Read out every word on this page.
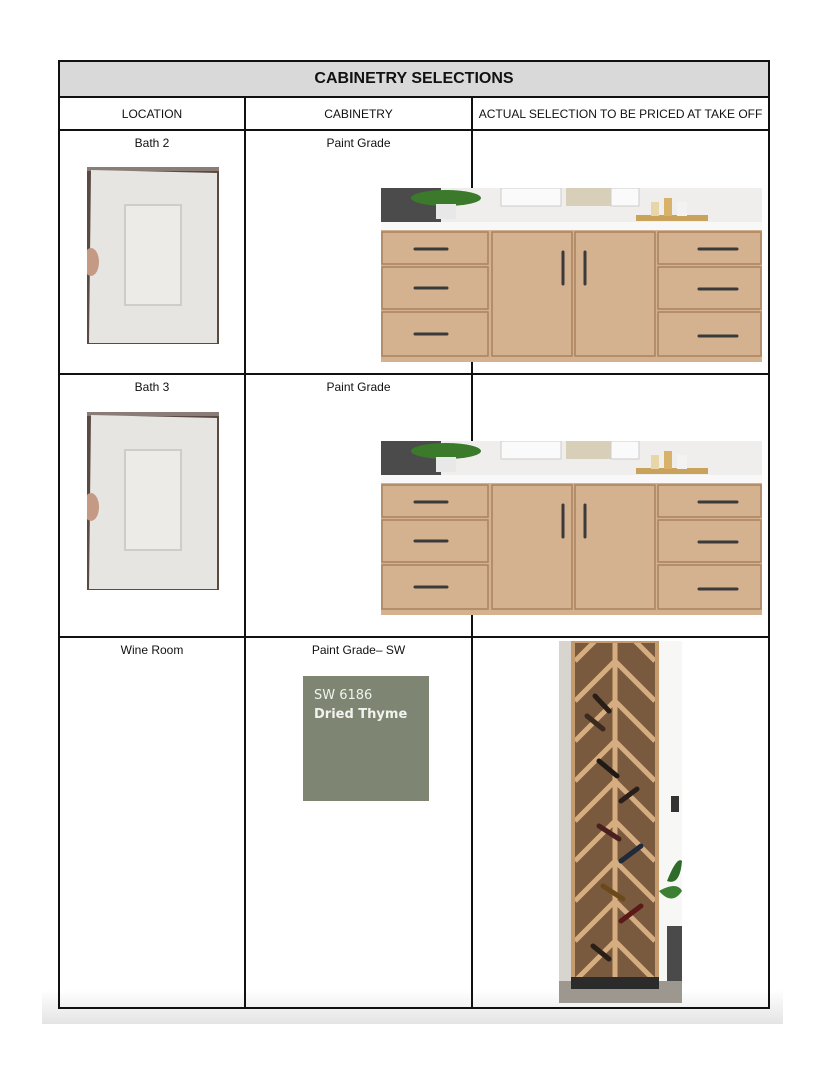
CABINETRY SELECTIONS
LOCATION	CABINETRY	ACTUAL SELECTION TO BE PRICED AT TAKE OFF
Bath 2	Paint Grade
Bath 3	Paint Grade
Wine Room	Paint Grade– SW
SW 6186
Dried Thyme
